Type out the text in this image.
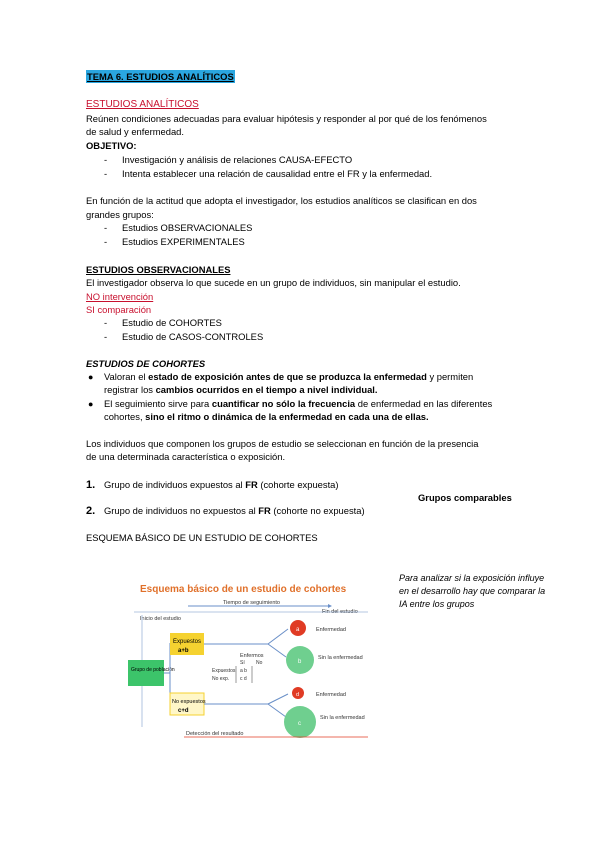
TEMA 6. ESTUDIOS ANALÍTICOS
ESTUDIOS ANALÍTICOS
Reúnen condiciones adecuadas para evaluar hipótesis y responder al por qué de los fenómenos
de salud y enfermedad.
OBJETIVO:
- Investigación y análisis de relaciones CAUSA-EFECTO
- Intenta establecer una relación de causalidad entre el FR y la enfermedad.
En función de la actitud que adopta el investigador, los estudios analíticos se clasifican en dos
grandes grupos:
- Estudios OBSERVACIONALES
- Estudios EXPERIMENTALES
ESTUDIOS OBSERVACIONALES
El investigador observa lo que sucede en un grupo de individuos, sin manipular el estudio.
NO intervención
SI comparación
- Estudio de COHORTES
- Estudio de CASOS-CONTROLES
ESTUDIOS DE COHORTES
● Valoran el estado de exposición antes de que se produzca la enfermedad y permiten
registrar los cambios ocurridos en el tiempo a nivel individual.
● El seguimiento sirve para cuantificar no sólo la frecuencia de enfermedad en las diferentes
cohortes, sino el ritmo o dinámica de la enfermedad en cada una de ellas.
Los individuos que componen los grupos de estudio se seleccionan en función de la presencia
de una determinada característica o exposición.
1. Grupo de individuos expuestos al FR (cohorte expuesta)
Grupos comparables
2. Grupo de individuos no expuestos al FR (cohorte no expuesta)
ESQUEMA BÁSICO DE UN ESTUDIO DE COHORTES
Esquema básico de un estudio de cohortes
Tiempo de seguimiento
Inicio del estudio
Fin del estudio
Grupo de población
Expuestos
a+b
No expuestos
c+d
a	Enfermedad
b
Sin la enfermedad
d	Enfermedad
c
Sin la enfermedad
Enfermos
Sí No
Expuestos a b
No exp. c d
Detección del resultado
Para analizar si la exposición influye
en el desarrollo hay que comparar la
IA entre los grupos
